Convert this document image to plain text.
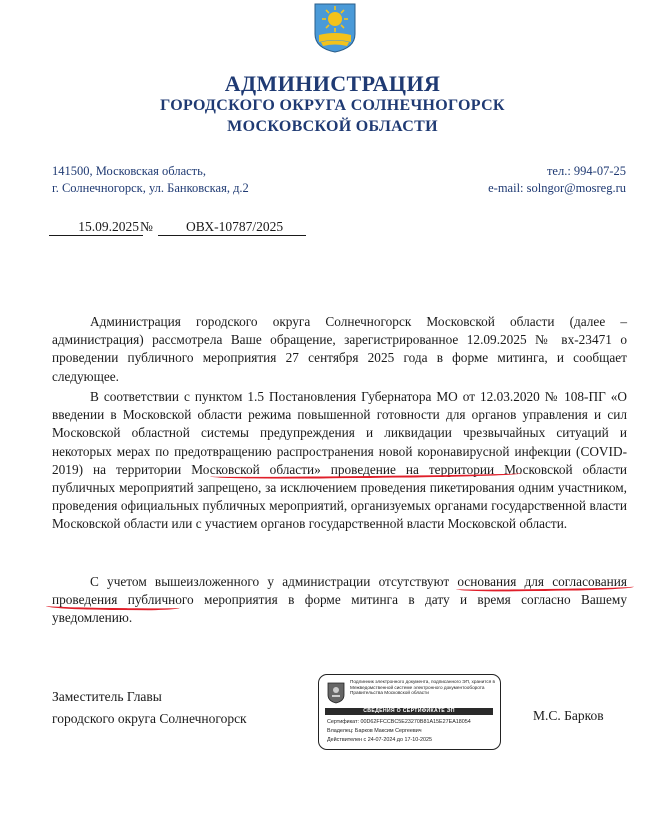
АДМИНИСТРАЦИЯ
ГОРОДСКОГО ОКРУГА СОЛНЕЧНОГОРСК
МОСКОВСКОЙ ОБЛАСТИ
141500, Московская область,
г. Солнечногорск, ул. Банковская, д.2
тел.: 994-07-25
e-mail: solngor@mosreg.ru
15.09.2025 №	ОВХ-10787/2025

Администрация городского округа Солнечногорск Московской области (далее – администрация) рассмотрела Ваше обращение, зарегистрированное 12.09.2025 № вх-23471 о проведении публичного мероприятия 27 сентября 2025 года в форме митинга, и сообщает следующее.

В соответствии с пунктом 1.5 Постановления Губернатора МО от 12.03.2020 № 108-ПГ «О введении в Московской области режима повышенной готовности для органов управления и сил Московской областной системы предупреждения и ликвидации чрезвычайных ситуаций и некоторых мерах по предотвращению распространения новой коронавирусной инфекции (COVID-2019) на территории Московской области» проведение на территории Московской области публичных мероприятий запрещено, за исключением проведения пикетирования одним участником, проведения официальных публичных мероприятий, организуемых органами государственной власти Московской области или с участием органов государственной власти Московской области.

С учетом вышеизложенного у администрации отсутствуют основания для согласования проведения публичного мероприятия в форме митинга в дату и время согласно Вашему уведомлению.

Заместитель Главы
городского округа Солнечногорск
Подлинник электронного документа, подписанного ЭП, хранится в Межведомственной системе электронного документооборота Правительства Московской области
СВЕДЕНИЯ О СЕРТИФИКАТЕ ЭП
Сертификат: 00D62FFCCBC5E23270B81A15E27EA18054
Владелец: Барков Максим Сергеевич
Действителен с 24-07-2024 до 17-10-2025
М.С. Барков
